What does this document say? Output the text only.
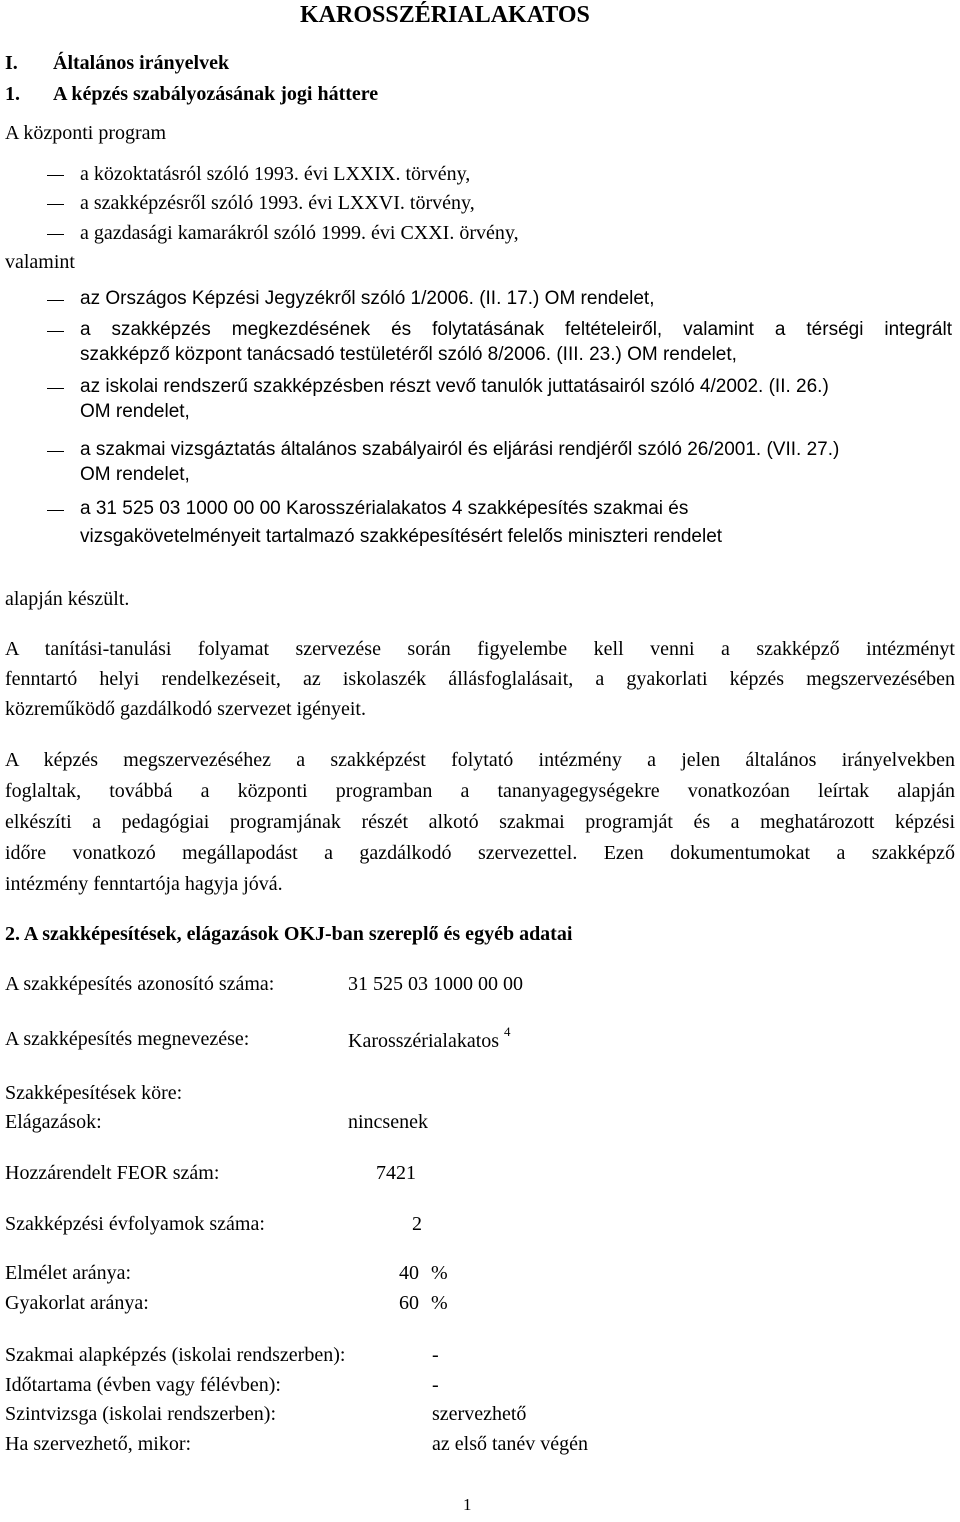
KAROSSZÉRIALAKATOS
I. Általános irányelvek
1. A képzés szabályozásának jogi háttere
A központi program
a közoktatásról szóló 1993. évi LXXIX. törvény,
a szakképzésről szóló 1993. évi LXXVI. törvény,
a gazdasági kamarákról szóló 1999. évi CXXI. örvény,
valamint
az Országos Képzési Jegyzékről szóló 1/2006. (II. 17.) OM rendelet,
a szakképzés megkezdésének és folytatásának feltételeiről, valamint a térségi integrált
szakképző központ tanácsadó testületéről szóló 8/2006. (III. 23.) OM rendelet,
az iskolai rendszerű szakképzésben részt vevő tanulók juttatásairól szóló 4/2002. (II. 26.)
OM rendelet,
a szakmai vizsgáztatás általános szabályairól és eljárási rendjéről szóló 26/2001. (VII. 27.)
OM rendelet,
a 31 525 03 1000 00 00 Karosszérialakatos 4 szakképesítés szakmai és
vizsgakövetelményeit tartalmazó szakképesítésért felelős miniszteri rendelet
alapján készült.
A tanítási-tanulási folyamat szervezése során figyelembe kell venni a szakképző intézményt
fenntartó helyi rendelkezéseit, az iskolaszék állásfoglalásait, a gyakorlati képzés megszervezésében
közreműködő gazdálkodó szervezet igényeit.
A képzés megszervezéséhez a szakképzést folytató intézmény a jelen általános irányelvekben
foglaltak, továbbá a központi programban a tananyagegységekre vonatkozóan leírtak alapján
elkészíti a pedagógiai programjának részét alkotó szakmai programját és a meghatározott képzési
időre vonatkozó megállapodást a gazdálkodó szervezettel. Ezen dokumentumokat a szakképző
intézmény fenntartója hagyja jóvá.
2. A szakképesítések, elágazások OKJ-ban szereplő és egyéb adatai
A szakképesítés azonosító száma:	31 525 03 1000 00 00
A szakképesítés megnevezése:	Karosszérialakatos $^4$
Szakképesítések köre:
Elágazások:	nincsenek
Hozzárendelt FEOR szám:	7421
Szakképzési évfolyamok száma:	2
Elmélet aránya:	40 %
Gyakorlat aránya:	60 %
Szakmai alapképzés (iskolai rendszerben):	-
Időtartama (évben vagy félévben):	-
Szintvizsga (iskolai rendszerben):	szervezhető
Ha szervezhető, mikor:	az első tanév végén
1
